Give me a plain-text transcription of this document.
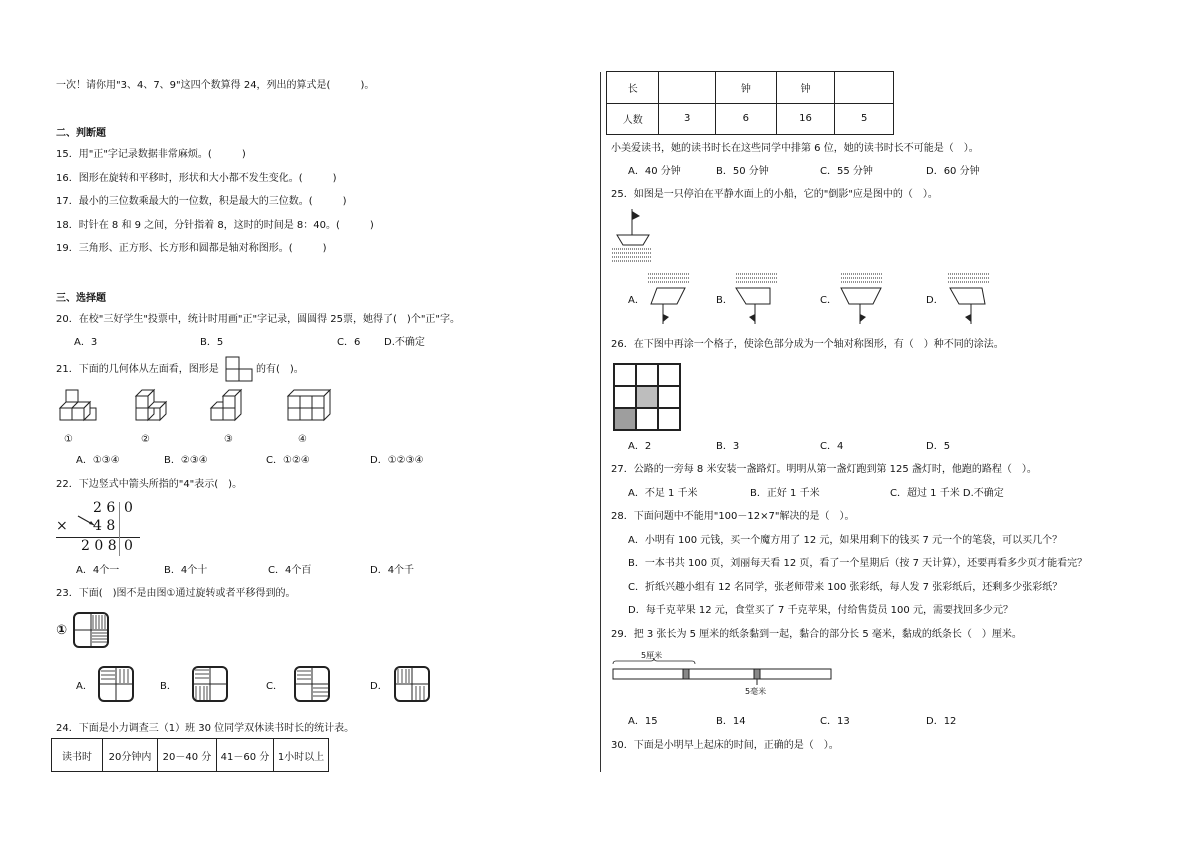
一次！请你用"3、4、7、9"这四个数算得 24，列出的算式是(　　　)。
二、判断题
15．用"正"字记录数据非常麻烦。(　　　)
16．图形在旋转和平移时，形状和大小都不发生变化。(　　　)
17．最小的三位数乘最大的一位数，积是最大的三位数。(　　　)
18．时针在 8 和 9 之间，分针指着 8，这时的时间是 8：40。(　　　)
19．三角形、正方形、长方形和圆都是轴对称图形。(　　　)
三、选择题
20．在校"三好学生"投票中，统计时用画"正"字记录，圆圆得 25票，她得了(　)个"正"字。
A．3	B．5	C．6 D.不确定
21．下面的几何体从左面看，图形是	的有(　)。
①	②	③	④
A．①③④	B．②③④	C．①②④	D．①②③④
22．下边竖式中箭头所指的"4"表示(　)。
2 6 0
× 4 8
2 0 8 0
A．4个一	B．4个十	C．4个百	D．4个千
23．下面(　)图不是由图①通过旋转或者平移得到的。
①
A．	B．	C．	D．
24．下面是小力调查三（1）班 30 位同学双休读书时长的统计表。
读书时	20分钟内	20－40 分	41－60 分	1小时以上
长		钟	钟	
人数	3	6	16	5
小美爱读书，她的读书时长在这些同学中排第 6 位，她的读书时长不可能是（　）。
A．40 分钟	B．50 分钟	C．55 分钟	D．60 分钟
25．如图是一只停泊在平静水面上的小船，它的"倒影"应是图中的（　）。
A．	B．	C．	D．
26．在下图中再涂一个格子，使涂色部分成为一个轴对称图形，有（　）种不同的涂法。
A．2	B．3	C．4	D．5
27．公路的一旁每 8 米安装一盏路灯。明明从第一盏灯跑到第 125 盏灯时，他跑的路程（　）。
A．不足 1 千米	B．正好 1 千米	C．超过 1 千米 D.不确定
28．下面问题中不能用"100－12×7"解决的是（　）。
A．小明有 100 元钱，买一个魔方用了 12 元，如果用剩下的钱买 7 元一个的笔袋，可以买几个？
B．一本书共 100 页，刘丽每天看 12 页，看了一个星期后（按 7 天计算），还要再看多少页才能看完？
C．折纸兴趣小组有 12 名同学，张老师带来 100 张彩纸，每人发 7 张彩纸后，还剩多少张彩纸？
D．每千克苹果 12 元，食堂买了 7 千克苹果，付给售货员 100 元，需要找回多少元？
29．把 3 张长为 5 厘米的纸条黏到一起，黏合的部分长 5 毫米，黏成的纸条长（　）厘米。
5厘米
5毫米
A．15	B．14	C．13	D．12
30．下面是小明早上起床的时间，正确的是（　）。
